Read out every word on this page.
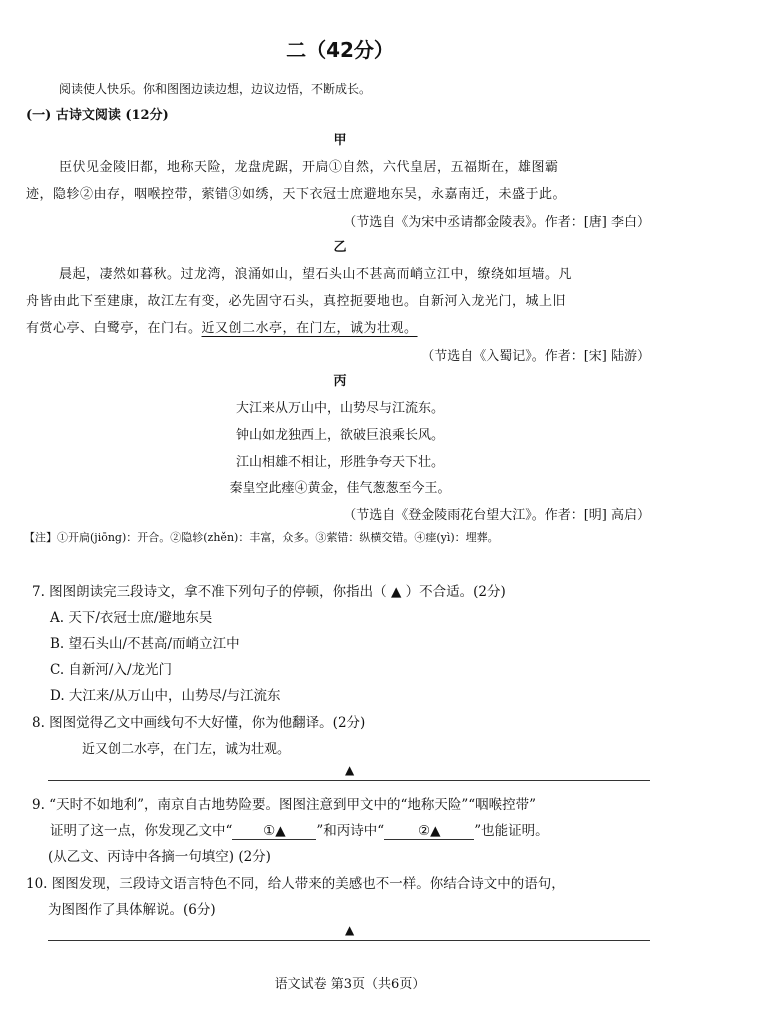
二（42分）
阅读使人快乐。你和图图边读边想，边议边悟，不断成长。
(一) 古诗文阅读 (12分)
甲
臣伏见金陵旧都，地称天险，龙盘虎踞，开扃①自然，六代皇居，五福斯在，雄图霸
迹，隐轸②由存，咽喉控带，萦错③如绣，天下衣冠士庶避地东吴，永嘉南迁，未盛于此。
（节选自《为宋中丞请都金陵表》。作者：[唐] 李白）
乙
晨起，凄然如暮秋。过龙湾，浪涌如山，望石头山不甚高而峭立江中，缭绕如垣墙。凡
舟皆由此下至建康，故江左有变，必先固守石头，真控扼要地也。自新河入龙光门，城上旧
有赏心亭、白鹭亭，在门右。近又创二水亭，在门左，诚为壮观。
（节选自《入蜀记》。作者：[宋] 陆游）
丙
大江来从万山中，山势尽与江流东。
钟山如龙独西上，欲破巨浪乘长风。
江山相雄不相让，形胜争夸天下壮。
秦皇空此瘗④黄金，佳气葱葱至今王。
（节选自《登金陵雨花台望大江》。作者：[明] 高启）
【注】①开扃(jiōng)：开合。②隐轸(zhěn)：丰富，众多。③萦错：纵横交错。④瘗(yì)：埋葬。
7. 图图朗读完三段诗文，拿不准下列句子的停顿，你指出（ ▲ ）不合适。(2分)
A. 天下/衣冠士庶/避地东吴
B. 望石头山/不甚高/而峭立江中
C. 自新河/入/龙光门
D. 大江来/从万山中，山势尽/与江流东
8. 图图觉得乙文中画线句不大好懂，你为他翻译。(2分)
近又创二水亭，在门左，诚为壮观。
▲
9. “天时不如地利”，南京自古地势险要。图图注意到甲文中的“地称天险”“咽喉控带”
证明了这一点，你发现乙文中“ ①▲ ”和丙诗中“	②▲	”也能证明。
(从乙文、丙诗中各摘一句填空) (2分)
10. 图图发现，三段诗文语言特色不同，给人带来的美感也不一样。你结合诗文中的语句，
为图图作了具体解说。(6分)
▲
语文试卷 第3页（共6页）
